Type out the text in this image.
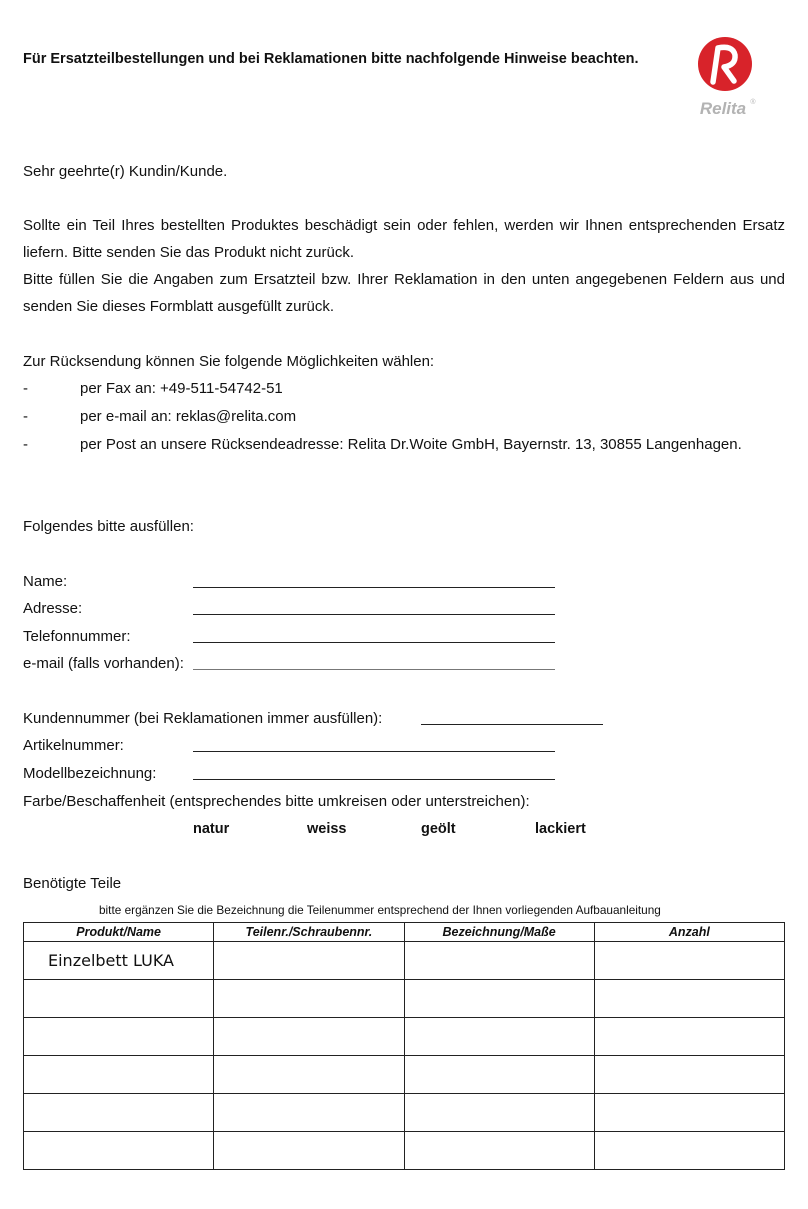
Für Ersatzteilbestellungen und bei Reklamationen bitte nachfolgende Hinweise beachten.
Relita ®
Sehr geehrte(r) Kundin/Kunde.
Sollte ein Teil Ihres bestellten Produktes beschädigt sein oder fehlen, werden wir Ihnen entsprechenden Ersatz liefern. Bitte senden Sie das Produkt nicht zurück.
Bitte füllen Sie die Angaben zum Ersatzteil bzw. Ihrer Reklamation in den unten angegebenen Feldern aus und senden Sie dieses Formblatt ausgefüllt zurück.
Zur Rücksendung können Sie folgende Möglichkeiten wählen:
-	per Fax an: +49-511-54742-51
-	per e-mail an: reklas@relita.com
-	per Post an unsere Rücksendeadresse: Relita Dr.Woite GmbH, Bayernstr. 13, 30855 Langenhagen.
Folgendes bitte ausfüllen:
Name:
Adresse:
Telefonnummer:
e-mail (falls vorhanden):
Kundennummer (bei Reklamationen immer ausfüllen):
Artikelnummer:
Modellbezeichnung:
Farbe/Beschaffenheit (entsprechendes bitte umkreisen oder unterstreichen):
natur	weiss	geölt	lackiert
Benötigte Teile
bitte ergänzen Sie die Bezeichnung die Teilenummer entsprechend der Ihnen vorliegenden Aufbauanleitung
Produkt/Name	Teilenr./Schraubennr.	Bezeichnung/Maße	Anzahl
Einzelbett LUKA			
